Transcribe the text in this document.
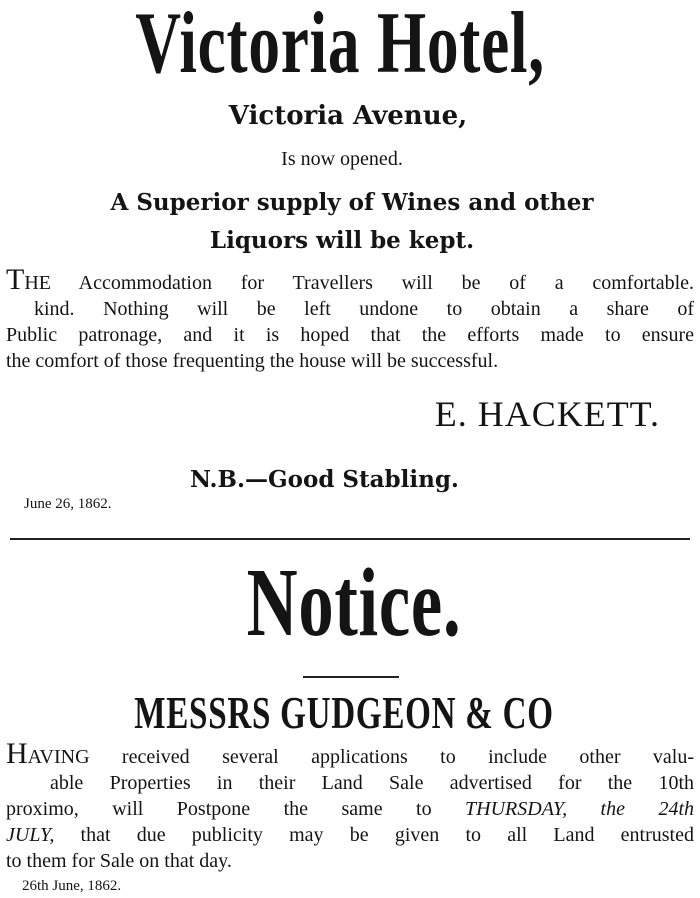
Victoria Hotel,
Victoria Avenue,
Is now opened.
A Superior supply of Wines and other
Liquors will be kept.
THE Accommodation for Travellers will be of a comfortable.
kind. Nothing will be left undone to obtain a share of
Public patronage, and it is hoped that the efforts made to ensure
the comfort of those frequenting the house will be successful.
E. HACKETT.
N.B.—Good Stabling.
June 26, 1862.
Notice.
MESSRS GUDGEON & CO
HAVING received several applications to include other valu-
able Properties in their Land Sale advertised for the 10th
proximo, will Postpone the same to THURSDAY, the 24th
JULY, that due publicity may be given to all Land entrusted
to them for Sale on that day.
26th June, 1862.
